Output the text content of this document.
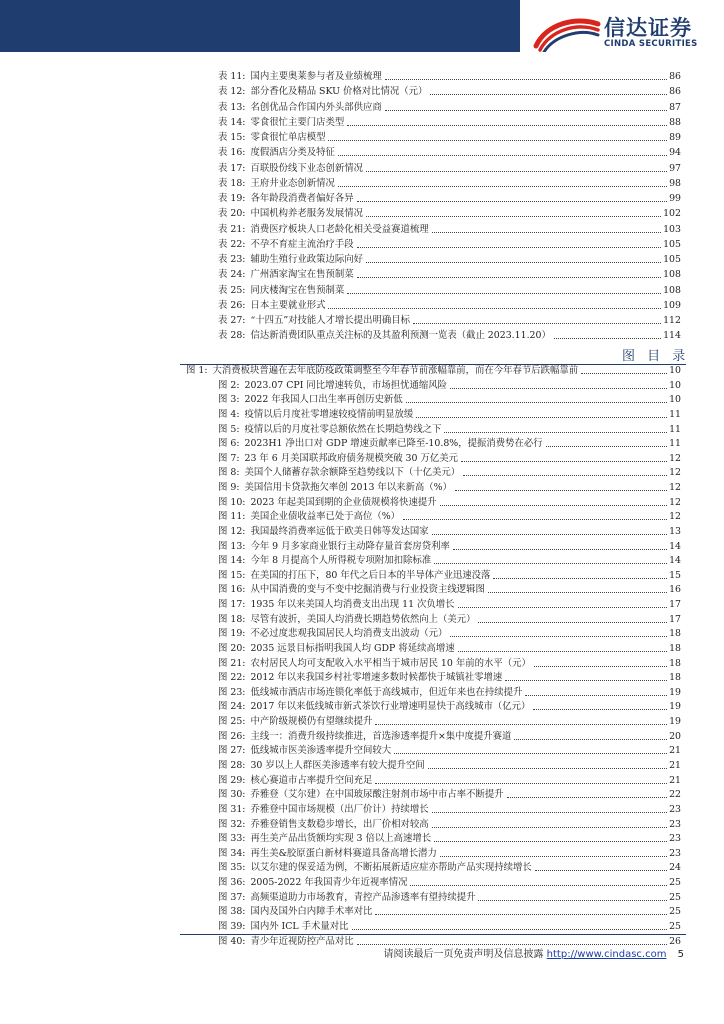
信达证券
CINDA SECURITIES
表 11: 国内主要奥莱参与者及业绩梳理	86
表 12: 部分香化及精品 SKU 价格对比情况（元）	86
表 13: 名创优品合作国内外头部供应商	87
表 14: 零食很忙主要门店类型	88
表 15: 零食很忙单店模型	89
表 16: 度假酒店分类及特征	94
表 17: 百联股份线下业态创新情况	97
表 18: 王府井业态创新情况	98
表 19: 各年龄段消费者偏好各异	99
表 20: 中国机构养老服务发展情况	102
表 21: 消费医疗板块人口老龄化相关受益赛道梳理	103
表 22: 不孕不育症主流治疗手段	105
表 23: 辅助生殖行业政策边际向好	105
表 24: 广州酒家淘宝在售预制菜	108
表 25: 同庆楼淘宝在售预制菜	108
表 26: 日本主要就业形式	109
表 27: “十四五”对技能人才增长提出明确目标	112
表 28: 信达新消费团队重点关注标的及其盈利预测一览表（截止 2023.11.20）	114
图 目 录
图 1: 大消费板块普遍在去年底防疫政策调整至今年春节前涨幅靠前，而在今年春节后跌幅靠前	10
图 2: 2023.07 CPI 同比增速转负，市场担忧通缩风险	10
图 3: 2022 年我国人口出生率再创历史新低	10
图 4: 疫情以后月度社零增速较疫情前明显放缓	11
图 5: 疫情以后的月度社零总额依然在长期趋势线之下	11
图 6: 2023H1 净出口对 GDP 增速贡献率已降至-10.8%，提振消费势在必行	11
图 7: 23 年 6 月美国联邦政府债务规模突破 30 万亿美元	12
图 8: 美国个人储蓄存款余额降至趋势线以下（十亿美元）	12
图 9: 美国信用卡贷款拖欠率创 2013 年以来新高（%）	12
图 10: 2023 年起美国到期的企业债规模将快速提升	12
图 11: 美国企业债收益率已处于高位（%）	12
图 12: 我国最终消费率远低于欧美日韩等发达国家	13
图 13: 今年 9 月多家商业银行主动降存量首套房贷利率	14
图 14: 今年 8 月提高个人所得税专项附加扣除标准	14
图 15: 在美国的打压下，80 年代之后日本的半导体产业迅速没落	15
图 16: 从中国消费的变与不变中挖掘消费与行业投资主线逻辑图	16
图 17: 1935 年以来美国人均消费支出出现 11 次负增长	17
图 18: 尽管有波折，美国人均消费长期趋势依然向上（美元）	17
图 19: 不必过度悲观我国居民人均消费支出波动（元）	18
图 20: 2035 远景目标指明我国人均 GDP 将延续高增速	18
图 21: 农村居民人均可支配收入水平相当于城市居民 10 年前的水平（元）	18
图 22: 2012 年以来我国乡村社零增速多数时候都快于城镇社零增速	18
图 23: 低线城市酒店市场连锁化率低于高线城市，但近年来也在持续提升	19
图 24: 2017 年以来低线城市新式茶饮行业增速明显快于高线城市（亿元）	19
图 25: 中产阶级规模仍有望继续提升	19
图 26: 主线一：消费升级持续推进，首选渗透率提升×集中度提升赛道	20
图 27: 低线城市医美渗透率提升空间较大	21
图 28: 30 岁以上人群医美渗透率有较大提升空间	21
图 29: 核心赛道市占率提升空间充足	21
图 30: 乔雅登（艾尔建）在中国玻尿酸注射剂市场中市占率不断提升	22
图 31: 乔雅登中国市场规模（出厂价计）持续增长	23
图 32: 乔雅登销售支数稳步增长，出厂价相对较高	23
图 33: 再生美产品出货额均实现 3 倍以上高速增长	23
图 34: 再生美&胶原蛋白新材料赛道具备高增长潜力	23
图 35: 以艾尔建的保妥适为例，不断拓展新适应症亦帮助产品实现持续增长	24
图 36: 2005-2022 年我国青少年近视率情况	25
图 37: 高频渠道助力市场教育，青控产品渗透率有望持续提升	25
图 38: 国内及国外白内障手术率对比	25
图 39: 国内外 ICL 手术量对比	25
图 40: 青少年近视防控产品对比	26
请阅读最后一页免责声明及信息披露 http://www.cindasc.com 5
